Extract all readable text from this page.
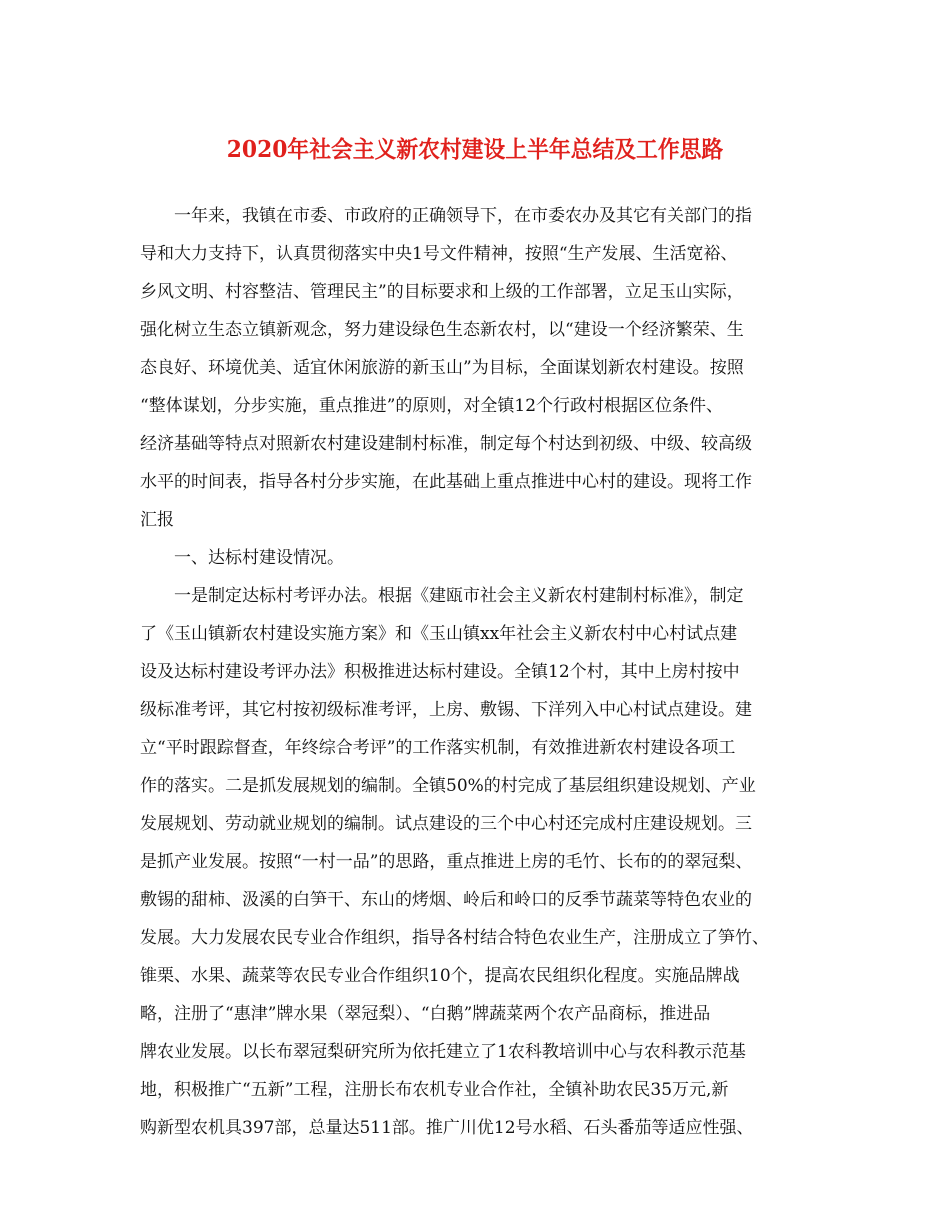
2020年社会主义新农村建设上半年总结及工作思路
　　一年来，我镇在市委、市政府的正确领导下，在市委农办及其它有关部门的指
导和大力支持下，认真贯彻落实中央1号文件精神，按照“生产发展、生活宽裕、
乡风文明、村容整洁、管理民主”的目标要求和上级的工作部署，立足玉山实际，
强化树立生态立镇新观念，努力建设绿色生态新农村，以“建设一个经济繁荣、生
态良好、环境优美、适宜休闲旅游的新玉山”为目标，全面谋划新农村建设。按照
“整体谋划，分步实施，重点推进”的原则，对全镇12个行政村根据区位条件、
经济基础等特点对照新农村建设建制村标准，制定每个村达到初级、中级、较高级
水平的时间表，指导各村分步实施，在此基础上重点推进中心村的建设。现将工作
汇报
　　一、达标村建设情况。
　　一是制定达标村考评办法。根据《建瓯市社会主义新农村建制村标准》，制定
了《玉山镇新农村建设实施方案》和《玉山镇xx年社会主义新农村中心村试点建
设及达标村建设考评办法》积极推进达标村建设。全镇12个村，其中上房村按中
级标准考评，其它村按初级标准考评，上房、敷锡、下洋列入中心村试点建设。建
立“平时跟踪督查，年终综合考评”的工作落实机制，有效推进新农村建设各项工
作的落实。二是抓发展规划的编制。全镇50%的村完成了基层组织建设规划、产业
发展规划、劳动就业规划的编制。试点建设的三个中心村还完成村庄建设规划。三
是抓产业发展。按照“一村一品”的思路，重点推进上房的毛竹、长布的的翠冠梨、
敷锡的甜柿、汲溪的白笋干、东山的烤烟、岭后和岭口的反季节蔬菜等特色农业的
发展。大力发展农民专业合作组织，指导各村结合特色农业生产，注册成立了笋竹、
锥栗、水果、蔬菜等农民专业合作组织10个，提高农民组织化程度。实施品牌战
略，注册了“惠津”牌水果（翠冠梨）、“白鹅”牌蔬菜两个农产品商标，推进品
牌农业发展。以长布翠冠梨研究所为依托建立了1农科教培训中心与农科教示范基
地，积极推广“五新”工程，注册长布农机专业合作社，全镇补助农民35万元,新
购新型农机具397部，总量达511部。推广川优12号水稻、石头番茄等适应性强、
